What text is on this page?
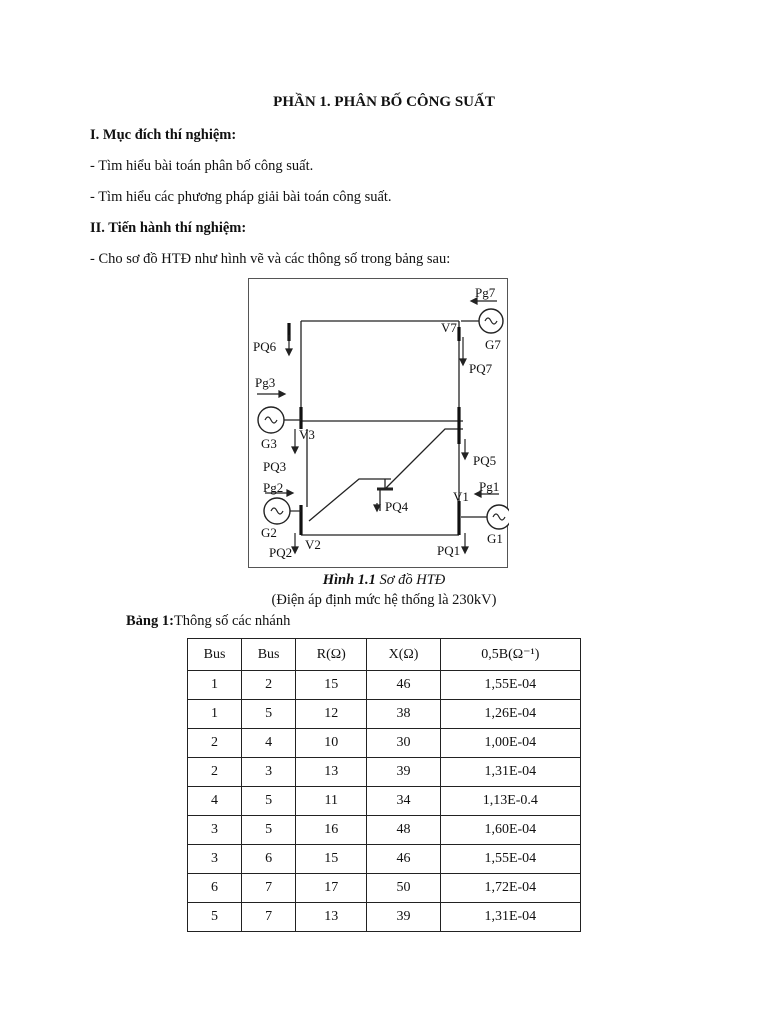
PHẦN 1. PHÂN BỐ CÔNG SUẤT
I. Mục đích thí nghiệm:
- Tìm hiểu bài toán phân bố công suất.
- Tìm hiểu các phương pháp giải bài toán công suất.
II. Tiến hành thí nghiệm:
- Cho sơ đồ HTĐ như hình vẽ và các thông số trong bảng sau:
Pg7
V7
G7
PQ7
PQ6
Pg3
G3
V3
PQ3	PQ5
Pg2
V1
Pg1
PQ4
G2	G1
PQ2
V2	PQ1
Hình 1.1 Sơ đồ HTĐ
(Điện áp định mức hệ thống là 230kV)
Bảng 1:Thông số các nhánh
Bus	Bus	R(Ω)	X(Ω)	0,5B(Ω⁻¹)
1	2	15	46	1,55E-04
1	5	12	38	1,26E-04
2	4	10	30	1,00E-04
2	3	13	39	1,31E-04
4	5	11	34	1,13E-0.4
3	5	16	48	1,60E-04
3	6	15	46	1,55E-04
6	7	17	50	1,72E-04
5	7	13	39	1,31E-04
